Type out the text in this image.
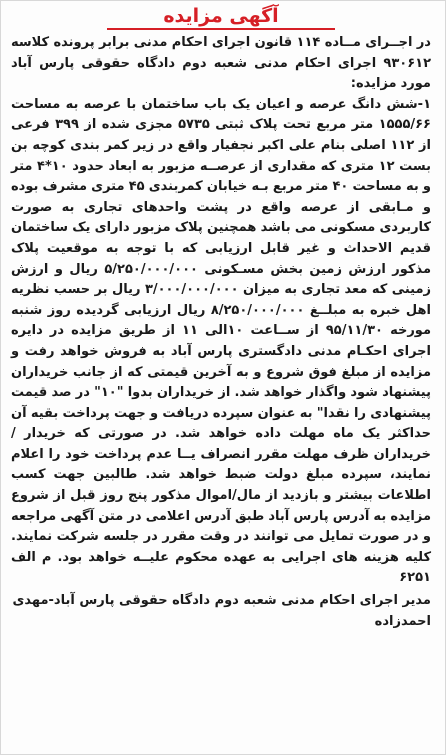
آگهی مزایده

در اجــرای مــاده ۱۱۴ قانون اجرای احکام مدنی برابر پرونده کلاسه ۹۳۰۶۱۲ اجرای احکام مدنی شعبه دوم دادگاه حقوقی پارس آباد مورد مزایده:

۱-شش دانگ عرصه و اعیان یک باب ساختمان با عرصه به مساحت ۱۵۵۵/۶۶ متر مربع تحت پلاک ثبتی ۵۷۳۵ مجزی شده از ۳۹۹ فرعی از ۱۱۲ اصلی بنام علی اکبر نجفیار واقع در زیر کمر بندی کوچه بن بست ۱۲ متری که مقداری از عرصــه مزبور به ابعاد حدود ۱۰*۴ متر و به مساحت ۴۰ متر مربع بـه خیابان کمربندی ۴۵ متری مشرف بوده و مـابقی از عرصه واقع در پشت واحدهای تجاری به صورت کاربردی مسکونی می باشد همچنین پلاک مزبور دارای یک ساختمان قدیم الاحداث و غیر قابل ارزیابی که با توجه به موقعیت پلاک مذکور ارزش زمین بخش مسـکونی ۵/۲۵۰/۰۰۰/۰۰۰ ریال و ارزش زمینی که معد تجاری به میزان ۳/۰۰۰/۰۰۰/۰۰۰ ریال بر حسب نظریه اهل خبره به مبلــغ ۸/۲۵۰/۰۰۰/۰۰۰ ریال ارزیابی گردیده روز شنبه مورخه ۹۵/۱۱/۳۰ از ســاعت ۱۰الی ۱۱ از طریق مزایده در دایره اجرای احکـام مدنی دادگستری پارس آباد به فروش خواهد رفت و مزایده از مبلغ فوق شروع و به آخرین قیمتی که از جانب خریداران پیشنهاد شود واگذار خواهد شد. از خریداران بدوا "۱۰" در صد قیمت پیشنهادی را نقدا" به عنوان سپرده دریافت و جهت پرداخت بقیه آن حداکثر یک ماه مهلت داده خواهد شد. در صورتی که خریدار / خریداران ظرف مهلت مقرر انصراف یــا عدم پرداخت خود را اعلام نمایند، سپرده مبلغ دولت ضبط خواهد شد. طالبین جهت کسب اطلاعات بیشتر و بازدید از مال/اموال مذکور پنج روز قبل از شروع مزایده به آدرس پارس آباد طبق آدرس اعلامی در متن آگهی مراجعه و در صورت تمایل می توانند در وقت مقرر در جلسه شرکت نمایند. کلیه هزینه های اجرایی به عهده محکوم علیــه خواهد بود. م الف ۶۲۵۱

مدیر اجرای احکام مدنی شعبه دوم دادگاه حقوقی پارس آباد-مهدی احمدزاده
